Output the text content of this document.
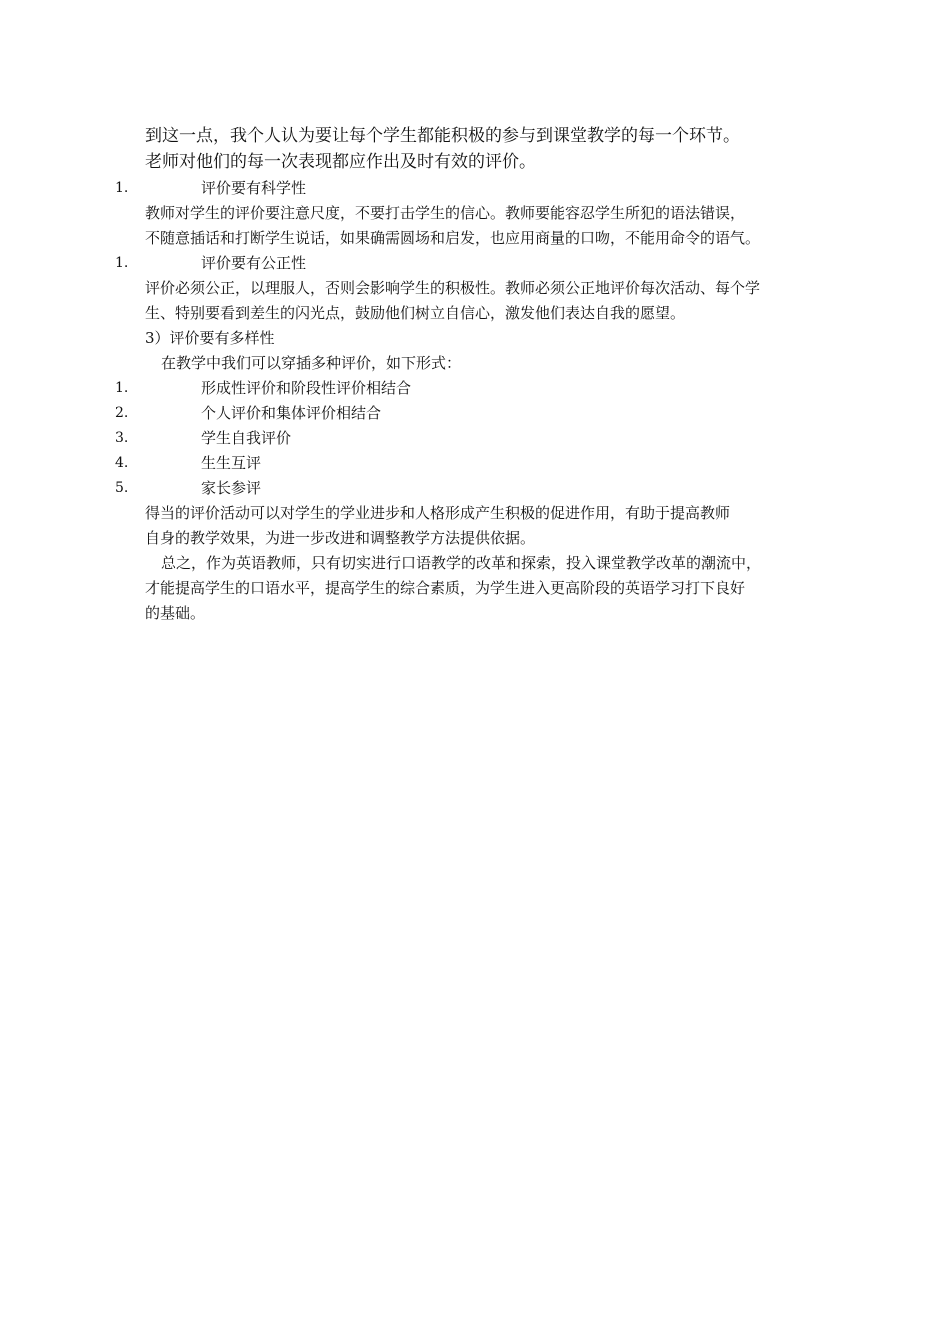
到这一点，我个人认为要让每个学生都能积极的参与到课堂教学的每一个环节。
老师对他们的每一次表现都应作出及时有效的评价。
1.	评价要有科学性
教师对学生的评价要注意尺度，不要打击学生的信心。教师要能容忍学生所犯的语法错误，
不随意插话和打断学生说话，如果确需圆场和启发，也应用商量的口吻，不能用命令的语气。
1.	评价要有公正性
评价必须公正，以理服人，否则会影响学生的积极性。教师必须公正地评价每次活动、每个学
生、特别要看到差生的闪光点，鼓励他们树立自信心，激发他们表达自我的愿望。
3）评价要有多样性
在教学中我们可以穿插多种评价，如下形式：
1.	形成性评价和阶段性评价相结合
2.	个人评价和集体评价相结合
3.	学生自我评价
4.	生生互评
5.	家长参评
得当的评价活动可以对学生的学业进步和人格形成产生积极的促进作用，有助于提高教师
自身的教学效果，为进一步改进和调整教学方法提供依据。
总之，作为英语教师，只有切实进行口语教学的改革和探索，投入课堂教学改革的潮流中，
才能提高学生的口语水平，提高学生的综合素质，为学生进入更高阶段的英语学习打下良好
的基础。
